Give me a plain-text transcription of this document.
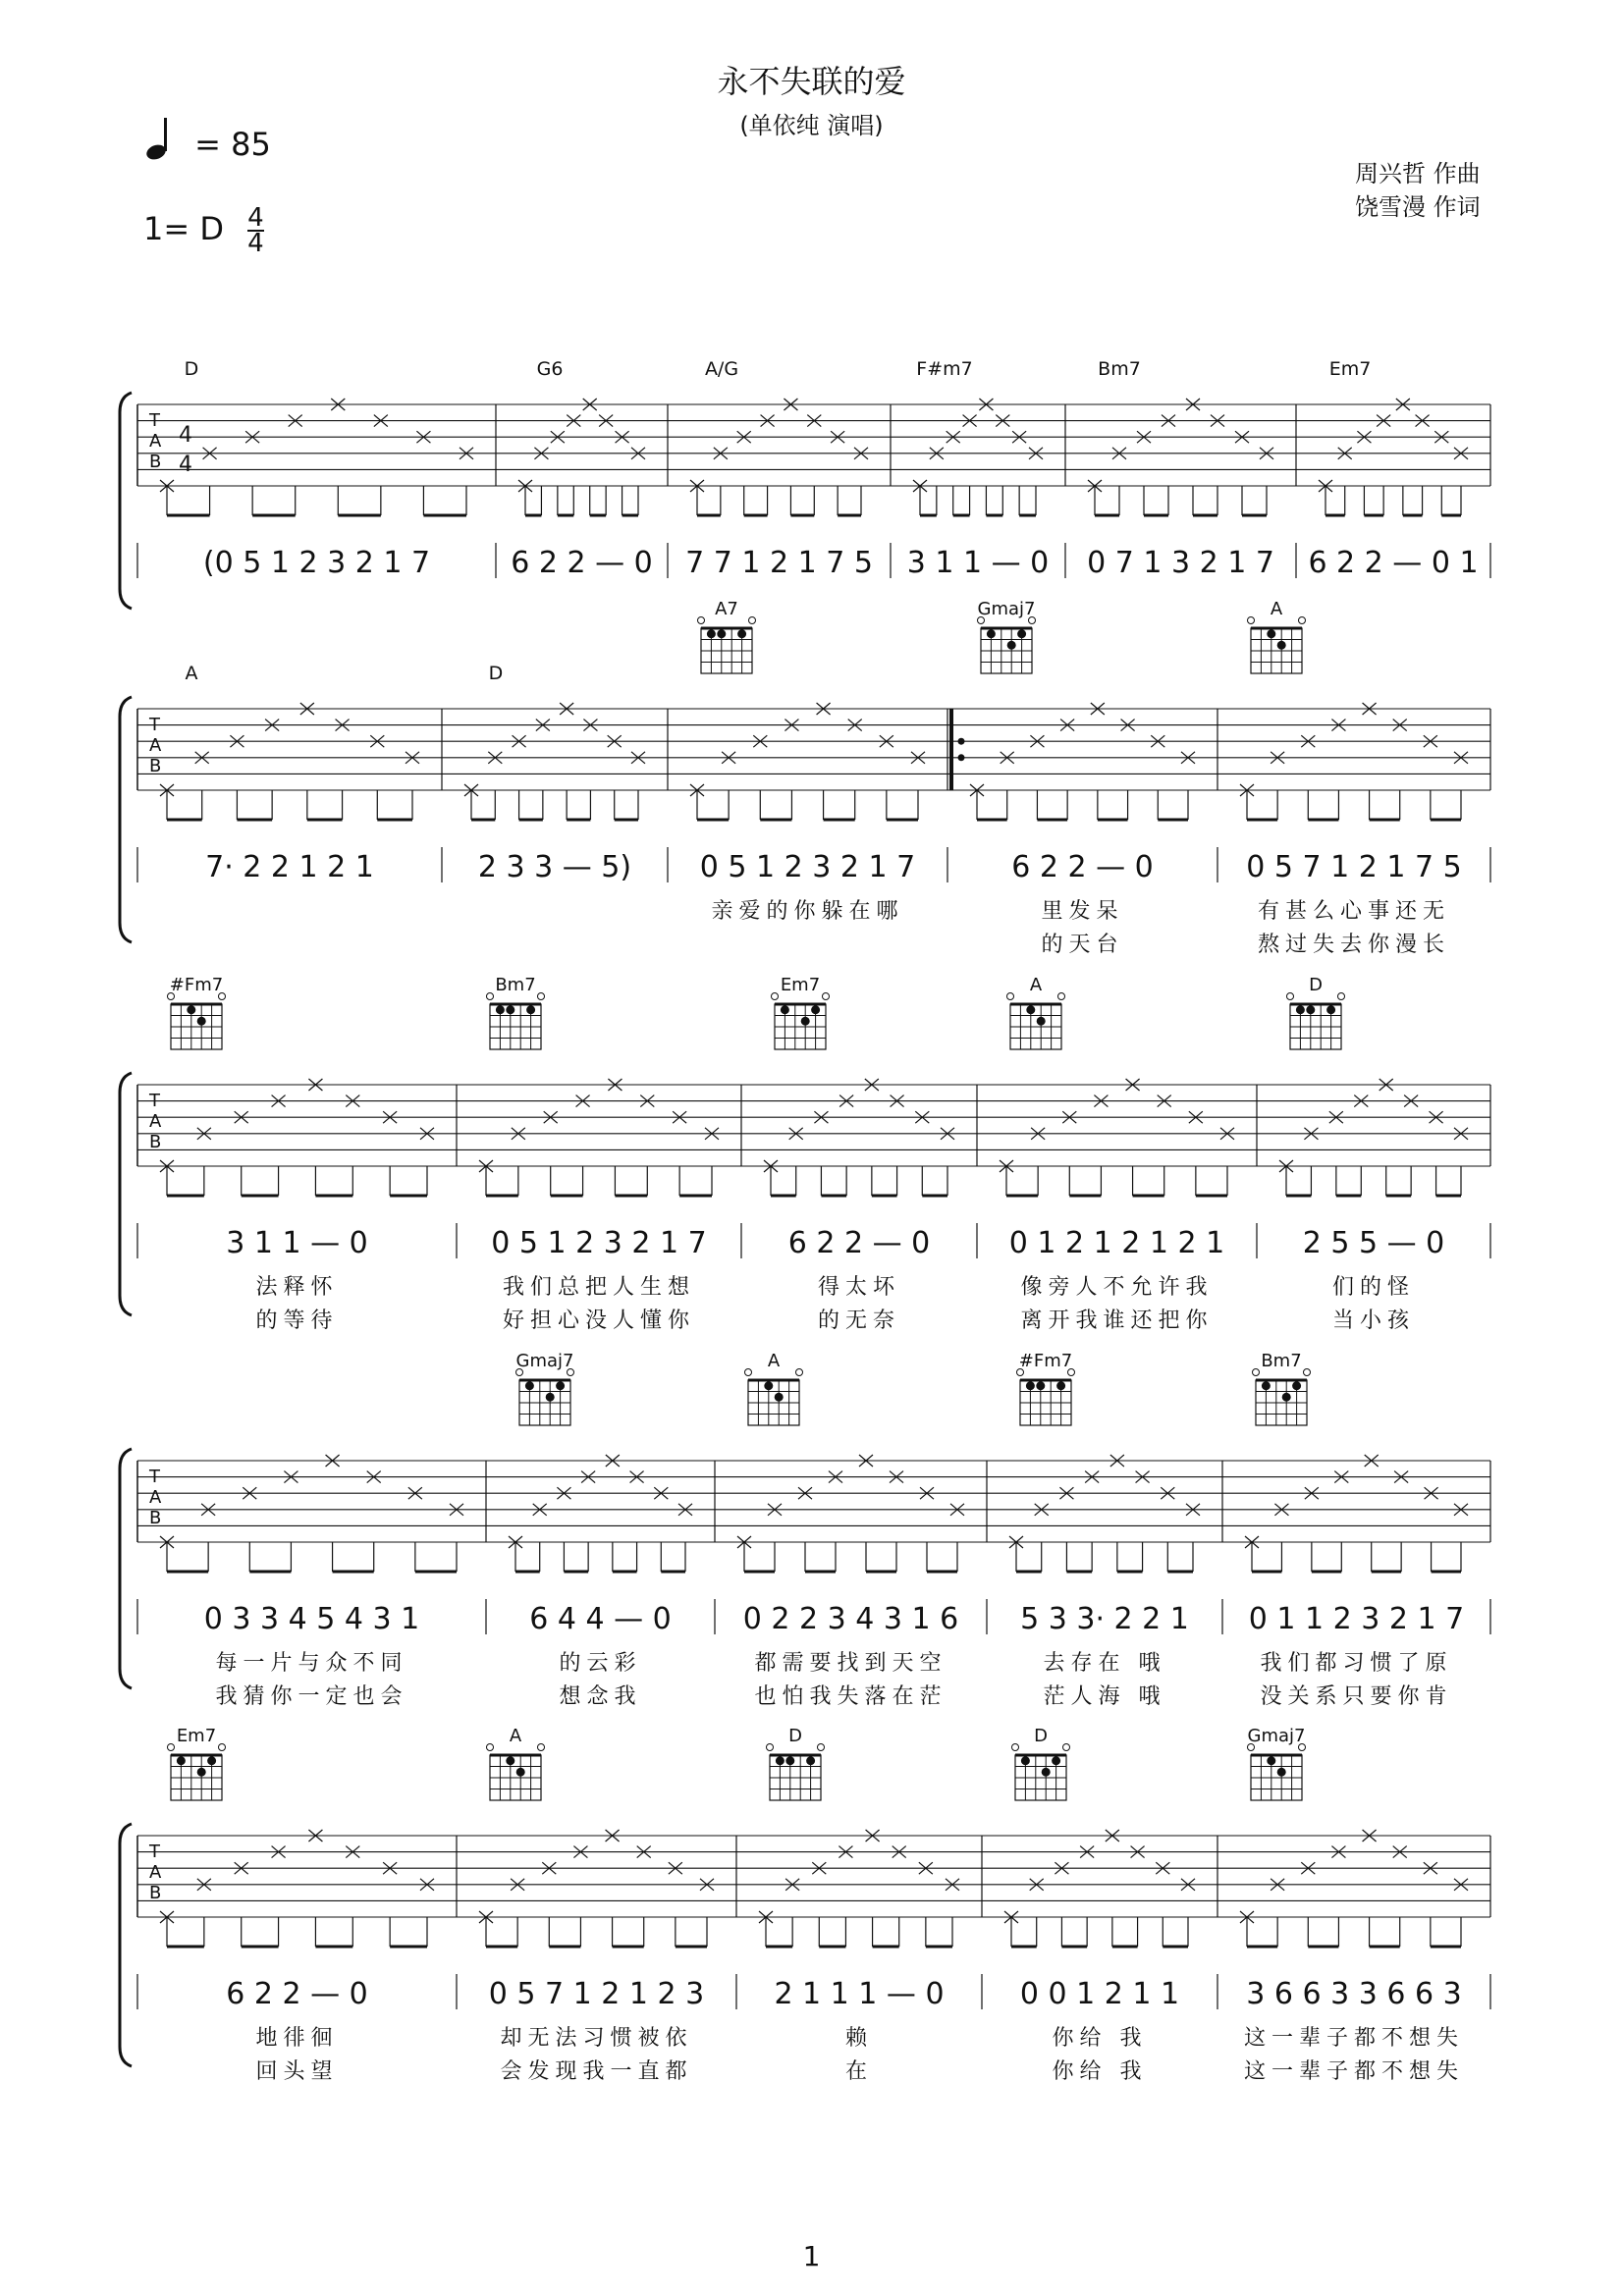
永不失联的爱
(单依纯 演唱)
= 85
1= D $\frac{4}{4}$
周兴哲 作曲
饶雪漫 作词
T
A
B
4
4
D
(0 5 1 2 3 2 1 7
G6
6 2 2 — 0
A/G
7 7 1 2 1 7 5
F#m7
3 1 1 — 0
Bm7
0 7 1 3 2 1 7
Em7
6 2 2 — 0 1
T
A
B
A
7· 2 2 1 2 1
D
2 3 3 — 5)
A7
0 5 1 2 3 2 1 7
亲爱的你躲在哪
Gmaj7
6 2 2 — 0
里发呆
的天台
A
0 5 7 1 2 1 7 5
有甚么心事还无
熬过失去你漫长
T
A
B
#Fm7
3 1 1 — 0
法释怀
的等待
Bm7
0 5 1 2 3 2 1 7
我们总把人生想
好担心没人懂你
Em7
6 2 2 — 0
得太坏
的无奈
A
0 1 2 1 2 1 2 1
像旁人不允许我
离开我谁还把你
D
2 5 5 — 0
们的怪
当小孩
T
A
B
0 3 3 4 5 4 3 1
每一片与众不同
我猜你一定也会
Gmaj7
6 4 4 — 0
的云彩
想念我
A
0 2 2 3 4 3 1 6
都需要找到天空
也怕我失落在茫
#Fm7
5 3 3· 2 2 1
去存在 哦
茫人海 哦
Bm7
0 1 1 2 3 2 1 7
我们都习惯了原
没关系只要你肯
T
A
B
Em7
6 2 2 — 0
地徘徊
回头望
A
0 5 7 1 2 1 2 3
却无法习惯被依
会发现我一直都
D
2 1 1 1 — 0
赖
在
D
0 0 1 2 1 1
你给 我
你给 我
Gmaj7
3 6 6 3 3 6 6 3
这一辈子都不想失
这一辈子都不想失
1
